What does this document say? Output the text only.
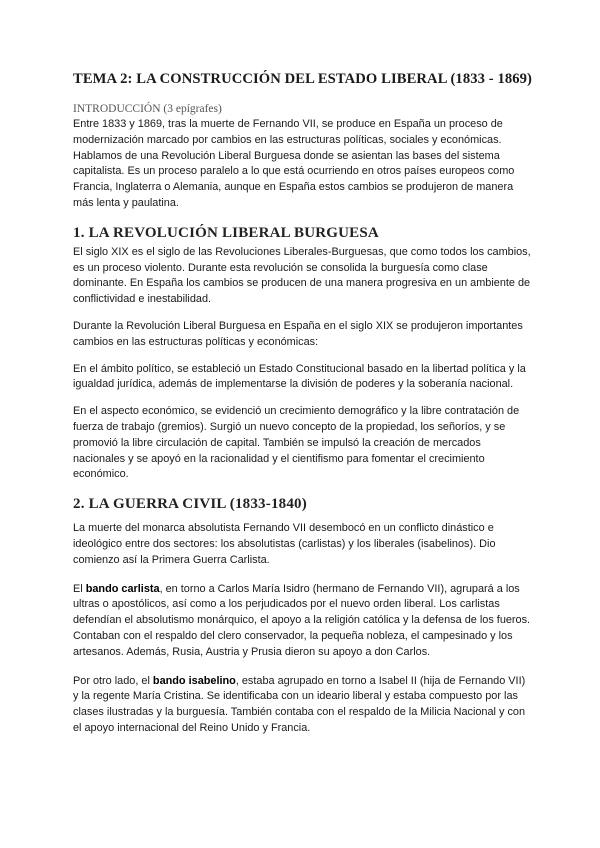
TEMA 2: LA CONSTRUCCIÓN DEL ESTADO LIBERAL (1833 - 1869)
INTRODUCCIÓN (3 epígrafes)

Entre 1833 y 1869, tras la muerte de Fernando VII, se produce en España un proceso de modernización marcado por cambios en las estructuras políticas, sociales y económicas. Hablamos de una Revolución Liberal Burguesa donde se asientan las bases del sistema capitalista. Es un proceso paralelo a lo que está ocurriendo en otros países europeos como Francia, Inglaterra o Alemania, aunque en España estos cambios se produjeron de manera más lenta y paulatina.

1. LA REVOLUCIÓN LIBERAL BURGUESA

El siglo XIX es el siglo de las Revoluciones Liberales-Burguesas, que como todos los cambios, es un proceso violento. Durante esta revolución se consolida la burguesía como clase dominante. En España los cambios se producen de una manera progresiva en un ambiente de conflictividad e inestabilidad.

Durante la Revolución Liberal Burguesa en España en el siglo XIX se produjeron importantes cambios en las estructuras políticas y económicas:

En el ámbito político, se estableció un Estado Constitucional basado en la libertad política y la igualdad jurídica, además de implementarse la división de poderes y la soberanía nacional.

En el aspecto económico, se evidenció un crecimiento demográfico y la libre contratación de fuerza de trabajo (gremios). Surgió un nuevo concepto de la propiedad, los señoríos, y se promovió la libre circulación de capital. También se impulsó la creación de mercados nacionales y se apoyó en la racionalidad y el cientifismo para fomentar el crecimiento económico.

2. LA GUERRA CIVIL (1833-1840)

La muerte del monarca absolutista Fernando VII desembocó en un conflicto dinástico e ideológico entre dos sectores: los absolutistas (carlistas) y los liberales (isabelinos). Dio comienzo así la Primera Guerra Carlista.

El bando carlista, en torno a Carlos María Isidro (hermano de Fernando VII), agrupará a los ultras o apostólicos, así como a los perjudicados por el nuevo orden liberal. Los carlistas defendían el absolutismo monárquico, el apoyo a la religión católica y la defensa de los fueros. Contaban con el respaldo del clero conservador, la pequeña nobleza, el campesinado y los artesanos. Además, Rusia, Austria y Prusia dieron su apoyo a don Carlos.

Por otro lado, el bando isabelino, estaba agrupado en torno a Isabel II (hija de Fernando VII) y la regente María Cristina. Se identificaba con un ideario liberal y estaba compuesto por las clases ilustradas y la burguesía. También contaba con el respaldo de la Milicia Nacional y con el apoyo internacional del Reino Unido y Francia.
